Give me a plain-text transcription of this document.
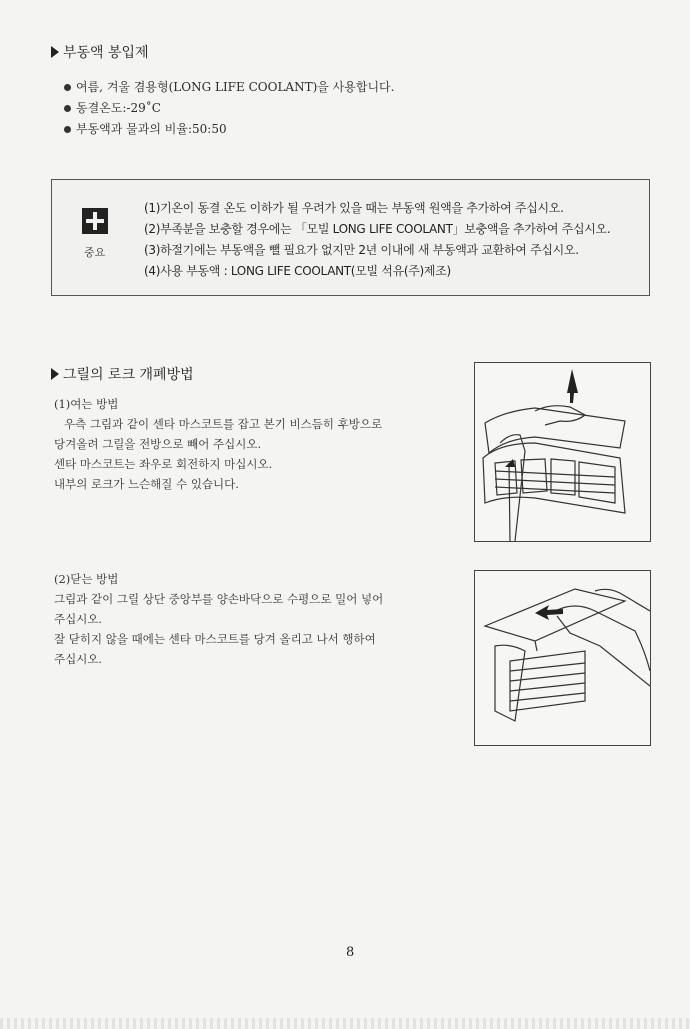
부동액 봉입제
여름, 겨울 겸용형(LONG LIFE COOLANT)을 사용합니다.
동결온도:-29˚C
부동액과 물과의 비율:50:50
중요
(1)기온이 동결 온도 이하가 될 우려가 있을 때는 부동액 원액을 추가하여 주십시오.
(2)부족분을 보충할 경우에는 「모빌 LONG LIFE COOLANT」보충액을 추가하여 주십시오.
(3)하절기에는 부동액을 뺄 필요가 없지만 2년 이내에 새 부동액과 교환하여 주십시오.
(4)사용 부동액 : LONG LIFE COOLANT(모빌 석유(주)제조)
그릴의 로크 개폐방법
(1)여는 방법
우측 그림과 같이 센타 마스코트를 잡고 본기 비스듬히 후방으로
당겨올려 그릴을 전방으로 빼어 주십시오.
센타 마스코트는 좌우로 회전하지 마십시오.
내부의 로크가 느슨해질 수 있습니다.
(2)닫는 방법
그림과 같이 그릴 상단 중앙부를 양손바닥으로 수평으로 밀어 넣어
주십시오.
잘 닫히지 않을 때에는 센타 마스코트를 당겨 올리고 나서 행하여
주십시오.
8
